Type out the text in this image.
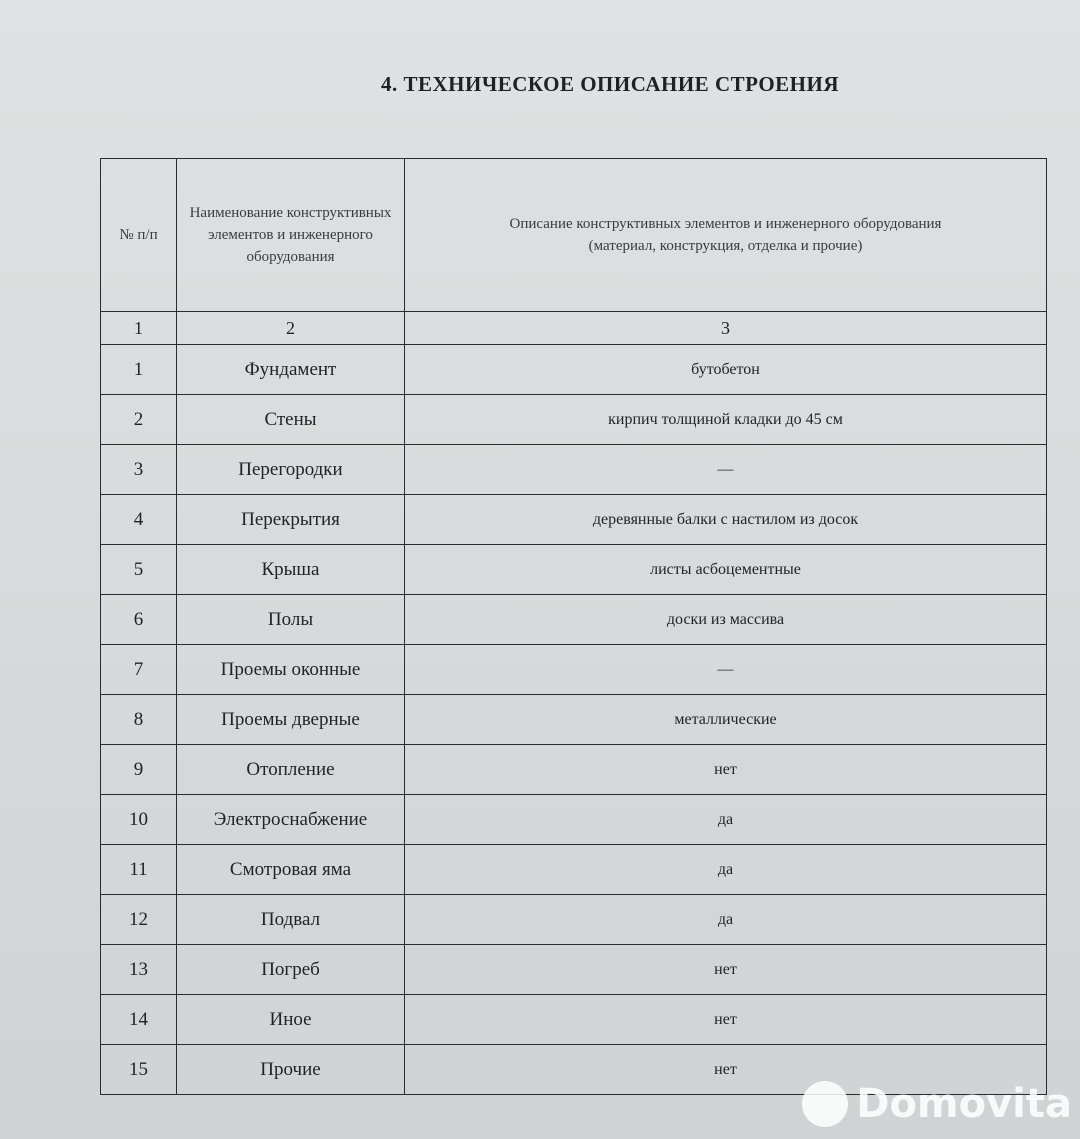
4. ТЕХНИЧЕСКОЕ ОПИСАНИЕ СТРОЕНИЯ
№ п/п	Наименование конструктивных элементов и инженерного оборудования	Описание конструктивных элементов и инженерного оборудования
(материал, конструкция, отделка и прочие)

1	2	3
1	Фундамент	бутобетон
2	Стены	кирпич толщиной кладки до 45 см
3	Перегородки	—
4	Перекрытия	деревянные балки с настилом из досок
5	Крыша	листы асбоцементные
6	Полы	доски из массива
7	Проемы оконные	—
8	Проемы дверные	металлические
9	Отопление	нет
10	Электроснабжение	да
11	Смотровая яма	да
12	Подвал	да
13	Погреб	нет
14	Иное	нет
15	Прочие	нет
Domovita
